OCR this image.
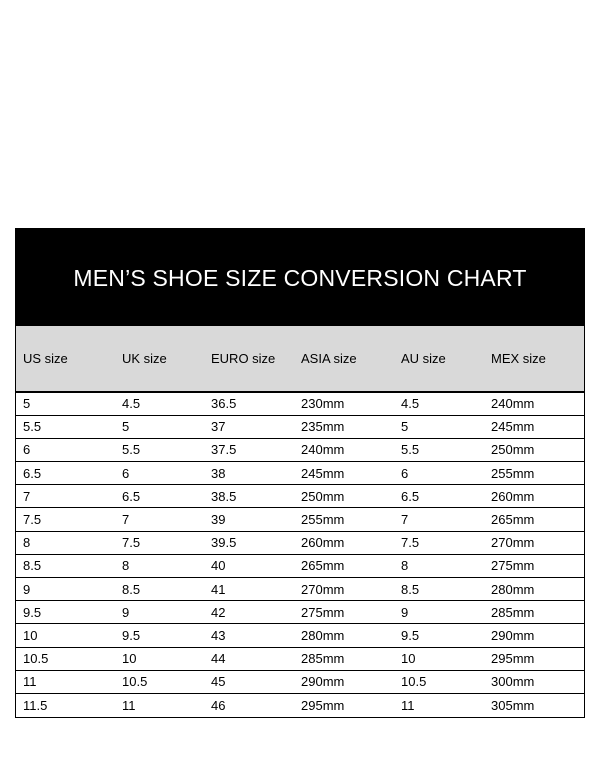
MEN’S SHOE SIZE CONVERSION CHART
US size	UK size	EURO size	ASIA size	AU size	MEX size
5	4.5	36.5	230mm	4.5	240mm
5.5	5	37	235mm	5	245mm
6	5.5	37.5	240mm	5.5	250mm
6.5	6	38	245mm	6	255mm
7	6.5	38.5	250mm	6.5	260mm
7.5	7	39	255mm	7	265mm
8	7.5	39.5	260mm	7.5	270mm
8.5	8	40	265mm	8	275mm
9	8.5	41	270mm	8.5	280mm
9.5	9	42	275mm	9	285mm
10	9.5	43	280mm	9.5	290mm
10.5	10	44	285mm	10	295mm
11	10.5	45	290mm	10.5	300mm
11.5	11	46	295mm	11	305mm
